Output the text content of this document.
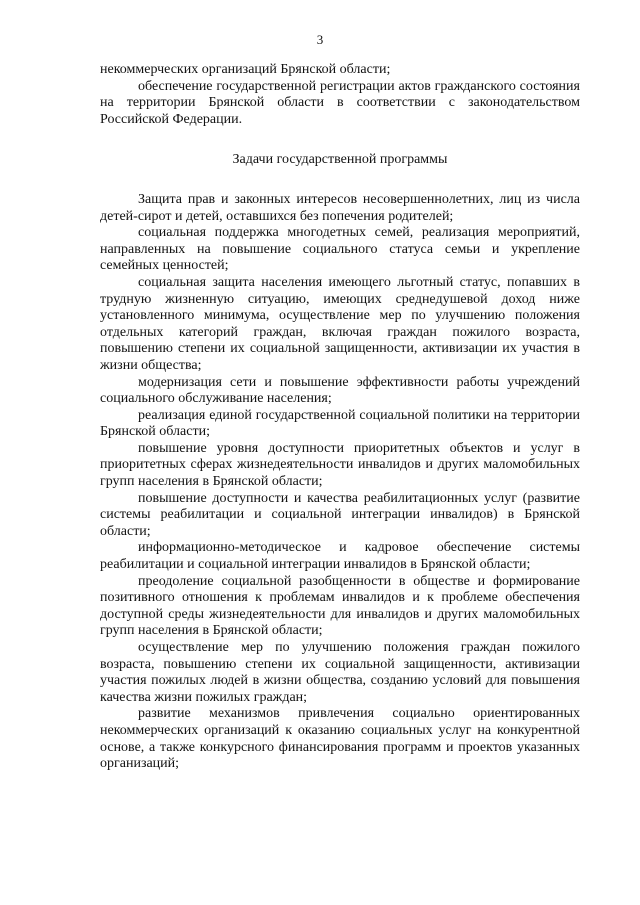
3

некоммерческих организаций Брянской области;

обеспечение государственной регистрации актов гражданского состояния на территории Брянской области в соответствии с законодательством Российской Федерации.

Задачи государственной программы

Защита прав и законных интересов несовершеннолетних, лиц из числа детей-сирот и детей, оставшихся без попечения родителей;

социальная поддержка многодетных семей, реализация мероприятий, направленных на повышение социального статуса семьи и укрепление семейных ценностей;

социальная защита населения имеющего льготный статус, попавших в трудную жизненную ситуацию, имеющих среднедушевой доход ниже установленного минимума, осуществление мер по улучшению положения отдельных категорий граждан, включая граждан пожилого возраста, повышению степени их социальной защищенности, активизации их участия в жизни общества;

модернизация сети и повышение эффективности работы учреждений социального обслуживание населения;

реализация единой государственной социальной политики на территории Брянской области;

повышение уровня доступности приоритетных объектов и услуг в приоритетных сферах жизнедеятельности инвалидов и других маломобильных групп населения в Брянской области;

повышение доступности и качества реабилитационных услуг (развитие системы реабилитации и социальной интеграции инвалидов) в Брянской области;

информационно-методическое и кадровое обеспечение системы реабилитации и социальной интеграции инвалидов в Брянской области;

преодоление социальной разобщенности в обществе и формирование позитивного отношения к проблемам инвалидов и к проблеме обеспечения доступной среды жизнедеятельности для инвалидов и других маломобильных групп населения в Брянской области;

осуществление мер по улучшению положения граждан пожилого возраста, повышению степени их социальной защищенности, активизации участия пожилых людей в жизни общества, созданию условий для повышения качества жизни пожилых граждан;

развитие механизмов привлечения социально ориентированных некоммерческих организаций к оказанию социальных услуг на конкурентной основе, а также конкурсного финансирования программ и проектов указанных организаций;
